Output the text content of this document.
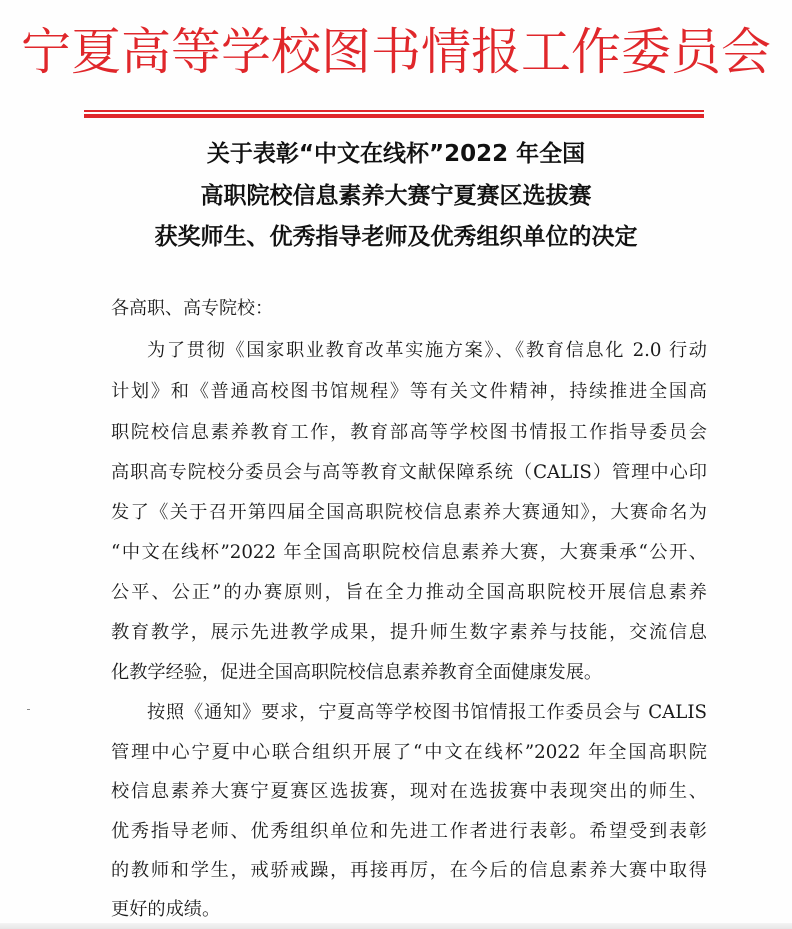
宁夏高等学校图书情报工作委员会
关于表彰“中文在线杯”2022 年全国
高职院校信息素养大赛宁夏赛区选拔赛
获奖师生、优秀指导老师及优秀组织单位的决定
各高职、高专院校：
为了贯彻《国家职业教育改革实施方案》、《教育信息化 2.0 行动
计划》和《普通高校图书馆规程》等有关文件精神，持续推进全国高
职院校信息素养教育工作，教育部高等学校图书情报工作指导委员会
高职高专院校分委员会与高等教育文献保障系统（CALIS）管理中心印
发了《关于召开第四届全国高职院校信息素养大赛通知》，大赛命名为
“中文在线杯”2022 年全国高职院校信息素养大赛，大赛秉承“公开、
公平、公正”的办赛原则，旨在全力推动全国高职院校开展信息素养
教育教学，展示先进教学成果，提升师生数字素养与技能，交流信息
化教学经验，促进全国高职院校信息素养教育全面健康发展。
按照《通知》要求，宁夏高等学校图书馆情报工作委员会与 CALIS
管理中心宁夏中心联合组织开展了“中文在线杯”2022 年全国高职院
校信息素养大赛宁夏赛区选拔赛，现对在选拔赛中表现突出的师生、
优秀指导老师、优秀组织单位和先进工作者进行表彰。希望受到表彰
的教师和学生，戒骄戒躁，再接再厉，在今后的信息素养大赛中取得
更好的成绩。
